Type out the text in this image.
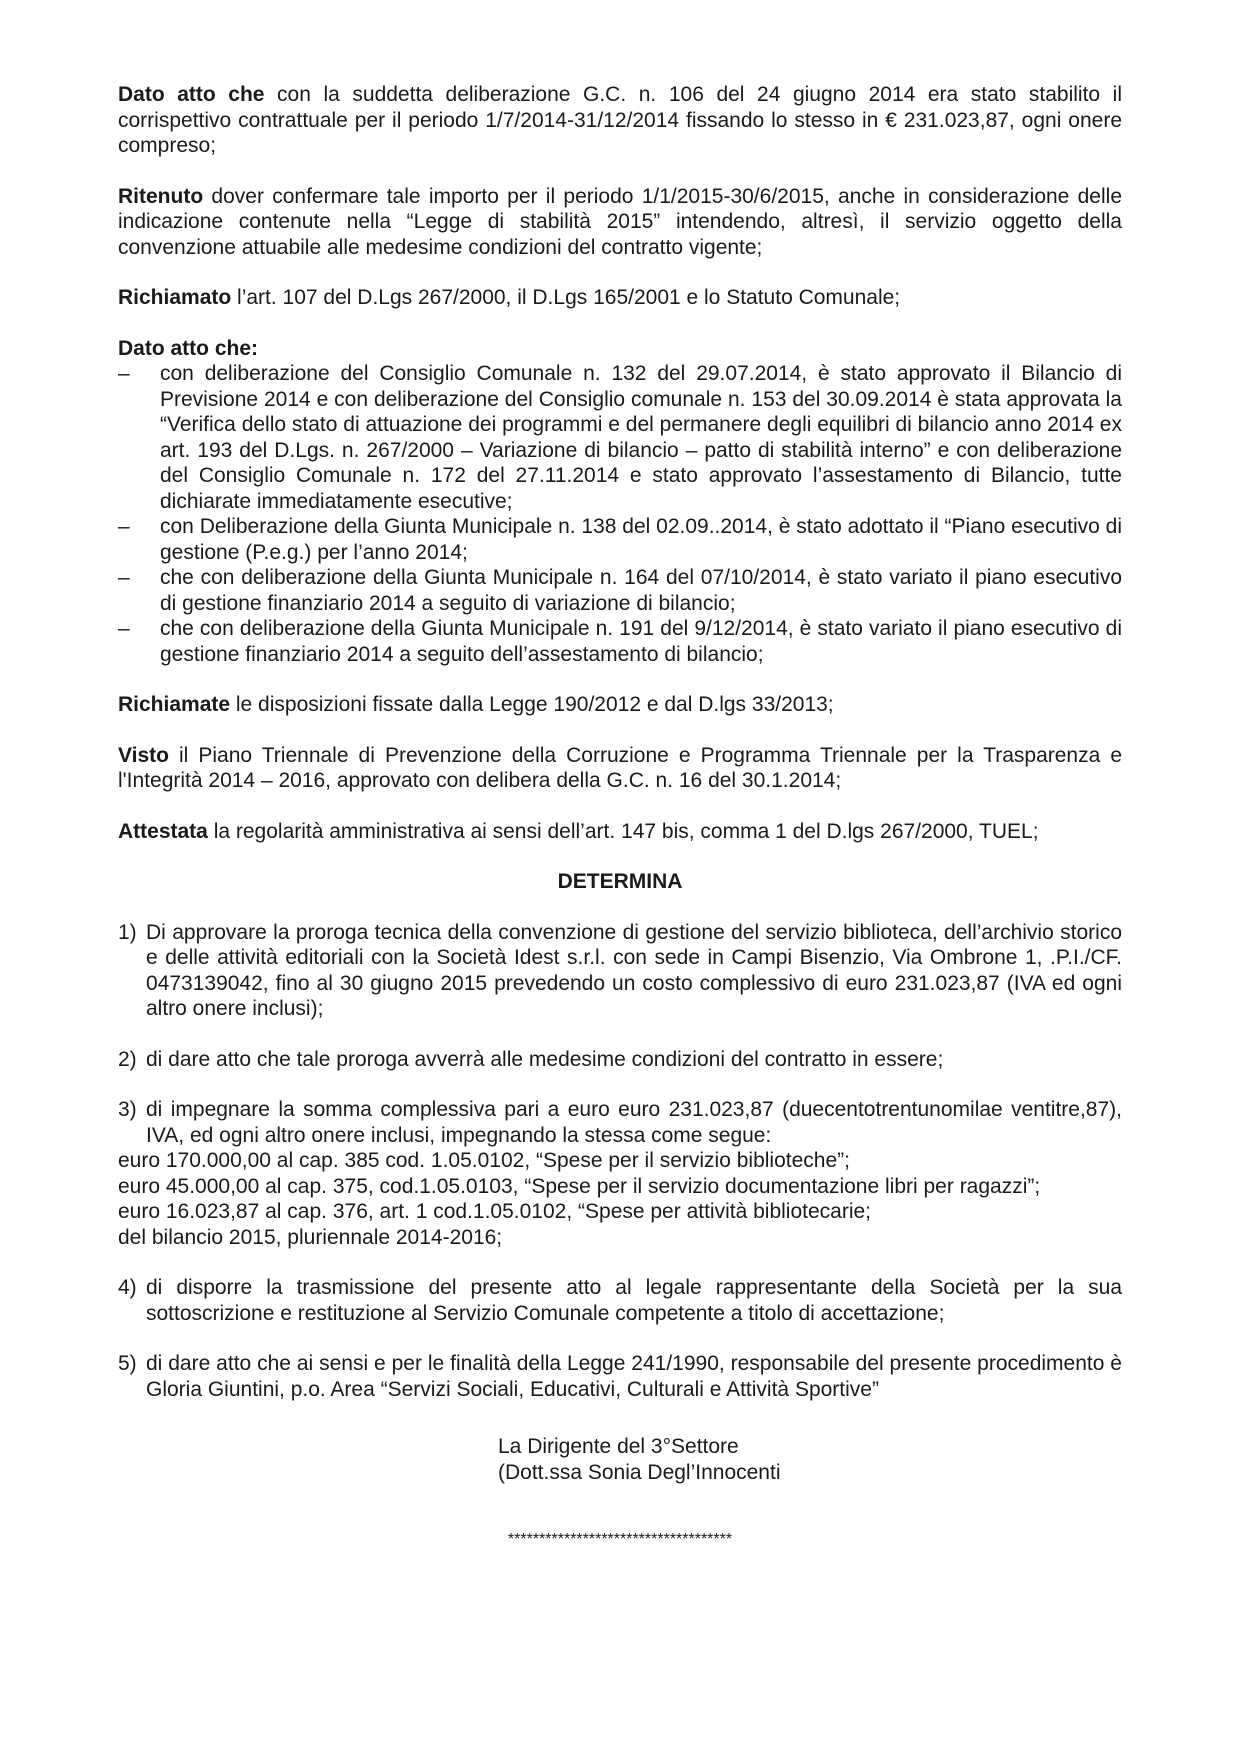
Dato atto che con la suddetta deliberazione G.C. n. 106 del 24 giugno 2014 era stato stabilito il corrispettivo contrattuale per il periodo 1/7/2014-31/12/2014 fissando lo stesso in € 231.023,87, ogni onere compreso;

Ritenuto dover confermare tale importo per il periodo 1/1/2015-30/6/2015, anche in considerazione delle indicazione contenute nella “Legge di stabilità 2015” intendendo, altresì, il servizio oggetto della convenzione attuabile alle medesime condizioni del contratto vigente;

Richiamato l’art. 107 del D.Lgs 267/2000, il D.Lgs 165/2001 e lo Statuto Comunale;

Dato atto che:

– con deliberazione del Consiglio Comunale n. 132 del 29.07.2014, è stato approvato il Bilancio di Previsione 2014 e con deliberazione del Consiglio comunale n. 153 del 30.09.2014 è stata approvata la “Verifica dello stato di attuazione dei programmi e del permanere degli equilibri di bilancio anno 2014 ex art. 193 del D.Lgs. n. 267/2000 – Variazione di bilancio – patto di stabilità interno” e con deliberazione del Consiglio Comunale n. 172 del 27.11.2014 e stato approvato l’assestamento di Bilancio, tutte dichiarate immediatamente esecutive;
– con Deliberazione della Giunta Municipale n. 138 del 02.09..2014, è stato adottato il “Piano esecutivo di gestione (P.e.g.) per l’anno 2014;
– che con deliberazione della Giunta Municipale n. 164 del 07/10/2014, è stato variato il piano esecutivo di gestione finanziario 2014 a seguito di variazione di bilancio;
– che con deliberazione della Giunta Municipale n. 191 del 9/12/2014, è stato variato il piano esecutivo di gestione finanziario 2014 a seguito dell’assestamento di bilancio;

Richiamate le disposizioni fissate dalla Legge 190/2012 e dal D.lgs 33/2013;

Visto il Piano Triennale di Prevenzione della Corruzione e Programma Triennale per la Trasparenza e l'Integrità 2014 – 2016, approvato con delibera della G.C. n. 16 del 30.1.2014;

Attestata la regolarità amministrativa ai sensi dell’art. 147 bis, comma 1 del D.lgs 267/2000, TUEL;

DETERMINA

1) Di approvare la proroga tecnica della convenzione di gestione del servizio biblioteca, dell’archivio storico e delle attività editoriali con la Società Idest s.r.l. con sede in Campi Bisenzio, Via Ombrone 1, .P.I./CF. 0473139042, fino al 30 giugno 2015 prevedendo un costo complessivo di euro 231.023,87 (IVA ed ogni altro onere inclusi);
2) di dare atto che tale proroga avverrà alle medesime condizioni del contratto in essere;
3) di impegnare la somma complessiva pari a euro euro 231.023,87 (duecentotrentunomilae ventitre,87), IVA, ed ogni altro onere inclusi, impegnando la stessa come segue:
euro 170.000,00 al cap. 385 cod. 1.05.0102, “Spese per il servizio biblioteche”;
euro 45.000,00 al cap. 375, cod.1.05.0103, “Spese per il servizio documentazione libri per ragazzi”;
euro 16.023,87 al cap. 376, art. 1 cod.1.05.0102, “Spese per attività bibliotecarie;
del bilancio 2015, pluriennale 2014-2016;
4) di disporre la trasmissione del presente atto al legale rappresentante della Società per la sua sottoscrizione e restituzione al Servizio Comunale competente a titolo di accettazione;
5) di dare atto che ai sensi e per le finalità della Legge 241/1990, responsabile del presente procedimento è Gloria Giuntini, p.o. Area “Servizi Sociali, Educativi, Culturali e Attività Sportive”
La Dirigente del 3°Settore
(Dott.ssa Sonia Degl’Innocenti
************************************
